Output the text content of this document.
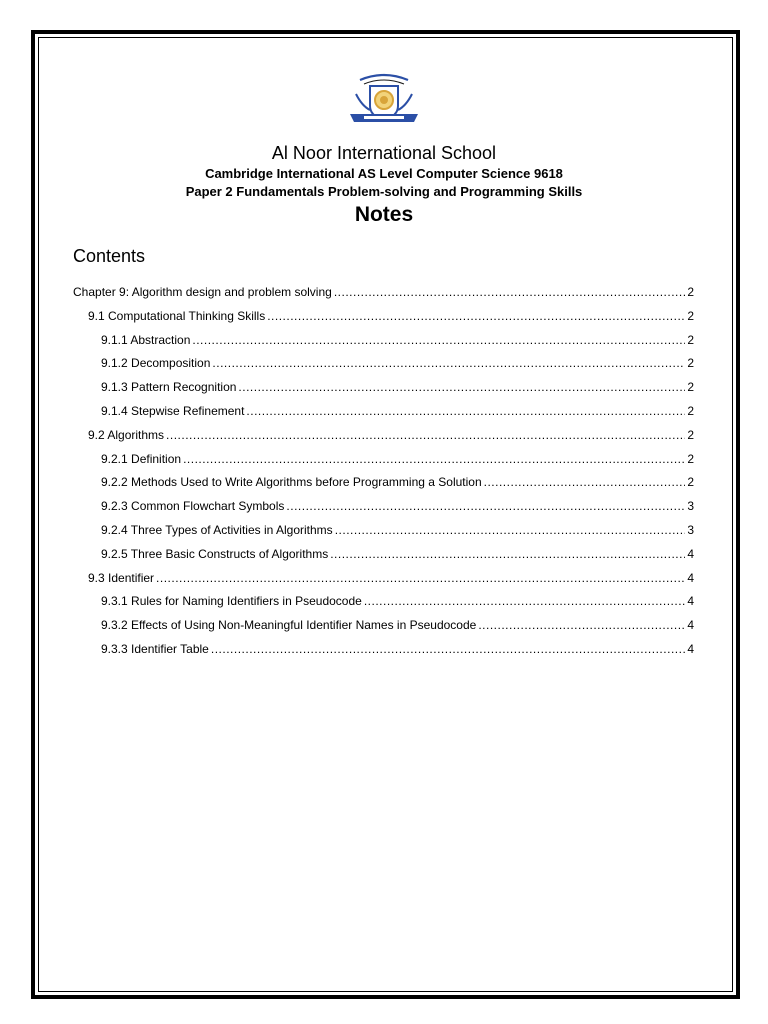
Al Noor International School
Cambridge International AS Level Computer Science 9618
Paper 2 Fundamentals Problem-solving and Programming Skills
Notes
Contents
Chapter 9: Algorithm design and problem solving .....	2
9.1 Computational Thinking Skills .....	2
9.1.1 Abstraction .....	2
9.1.2 Decomposition .....	2
9.1.3 Pattern Recognition .....	2
9.1.4 Stepwise Refinement .....	2
9.2 Algorithms .....	2
9.2.1 Definition .....	2
9.2.2 Methods Used to Write Algorithms before Programming a Solution .....	2
9.2.3 Common Flowchart Symbols .....	3
9.2.4 Three Types of Activities in Algorithms .....	3
9.2.5 Three Basic Constructs of Algorithms .....	4
9.3 Identifier .....	4
9.3.1 Rules for Naming Identifiers in Pseudocode .....	4
9.3.2 Effects of Using Non-Meaningful Identifier Names in Pseudocode .....	4
9.3.3 Identifier Table .....	4
